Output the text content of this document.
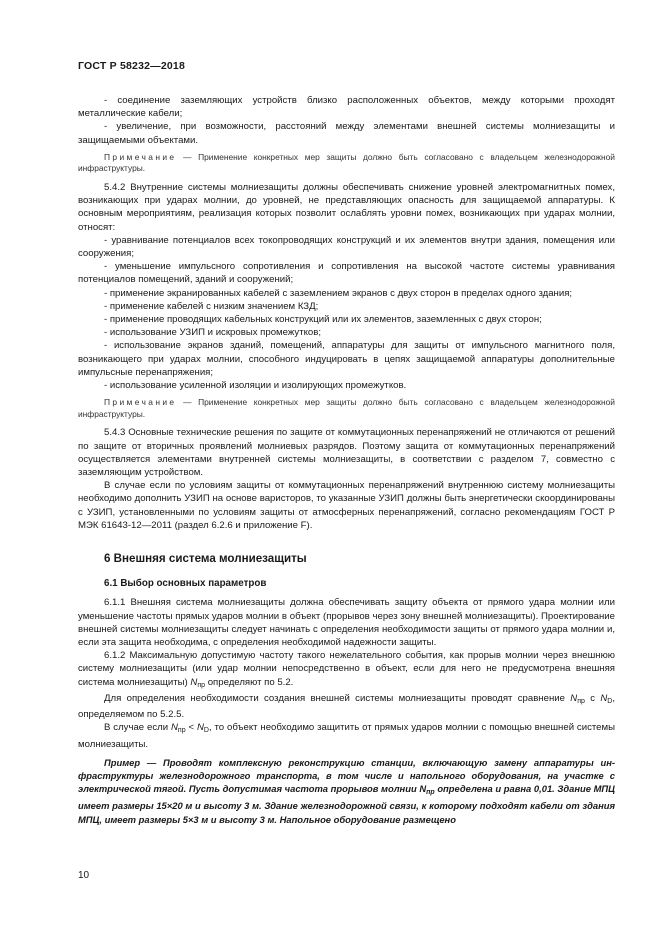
ГОСТ Р 58232—2018

- соединение заземляющих устройств близко расположенных объектов, между которыми проходят металлические кабели;

- увеличение, при возможности, расстояний между элементами внешней системы молниезащиты и защищаемыми объектами.

Примечание — Применение конкретных мер защиты должно быть согласовано с владельцем железнодорожной инфраструктуры.

5.4.2 Внутренние системы молниезащиты должны обеспечивать снижение уровней электромагнитных помех, возникающих при ударах молнии, до уровней, не представляющих опасность для защищаемой аппаратуры. К основным мероприятиям, реализация которых позволит ослаблять уровни помех, возникающих при ударах молнии, относят:

- уравнивание потенциалов всех токопроводящих конструкций и их элементов внутри здания, помещения или сооружения;

- уменьшение импульсного сопротивления и сопротивления на высокой частоте системы уравнивания потенциалов помещений, зданий и сооружений;

- применение экранированных кабелей с заземлением экранов с двух сторон в пределах одного здания;

- применение кабелей с низким значением КЗД;

- применение проводящих кабельных конструкций или их элементов, заземленных с двух сторон;

- использование УЗИП и искровых промежутков;

- использование экранов зданий, помещений, аппаратуры для защиты от импульсного магнитного поля, возникающего при ударах молнии, способного индуцировать в цепях защищаемой аппаратуры дополнительные импульсные перенапряжения;

- использование усиленной изоляции и изолирующих промежутков.

Примечание — Применение конкретных мер защиты должно быть согласовано с владельцем железнодорожной инфраструктуры.

5.4.3 Основные технические решения по защите от коммутационных перенапряжений не отличаются от решений по защите от вторичных проявлений молниевых разрядов. Поэтому защита от коммутационных перенапряжений осуществляется элементами внутренней системы молниезащиты, в соответствии с разделом 7, совместно с заземляющим устройством.

В случае если по условиям защиты от коммутационных перенапряжений внутреннюю систему молниезащиты необходимо дополнить УЗИП на основе варисторов, то указанные УЗИП должны быть энергетически скоординированы с УЗИП, установленными по условиям защиты от атмосферных перенапряжений, согласно рекомендациям ГОСТ Р МЭК 61643-12—2011 (раздел 6.2.6 и приложение F).

6 Внешняя система молниезащиты
6.1 Выбор основных параметров

6.1.1 Внешняя система молниезащиты должна обеспечивать защиту объекта от прямого удара молнии или уменьшение частоты прямых ударов молнии в объект (прорывов через зону внешней молниезащиты). Проектирование внешней системы молниезащиты следует начинать с определения необходимости защиты от прямого удара молнии и, если эта защита необходима, с определения необходимой надежности защиты.

6.1.2 Максимальную допустимую частоту такого нежелательного события, как прорыв молнии через внешнюю систему молниезащиты (или удар молнии непосредственно в объект, если для него не предусмотрена внешняя система молниезащиты) $N_{пр}$ определяют по 5.2.

Для определения необходимости создания внешней системы молниезащиты проводят сравнение $N_{пр}$ с $N_D$, определяемом по 5.2.5.

В случае если $N_{пр} < N_D$, то объект необходимо защитить от прямых ударов молнии с помощью внешней системы молниезащиты.

Пример — Проводят комплексную реконструкцию станции, включающую замену аппаратуры инфраструктуры железнодорожного транспорта, в том числе и напольного оборудования, на участке с электрической тягой. Пусть допустимая частота прорывов молнии $N_{пр}$ определена и равна 0,01. Здание МПЦ имеет размеры 15×20 м и высоту 3 м. Здание железнодорожной связи, к которому подходят кабели от здания МПЦ, имеет размеры 5×3 м и высоту 3 м. Напольное оборудование размещено

10
